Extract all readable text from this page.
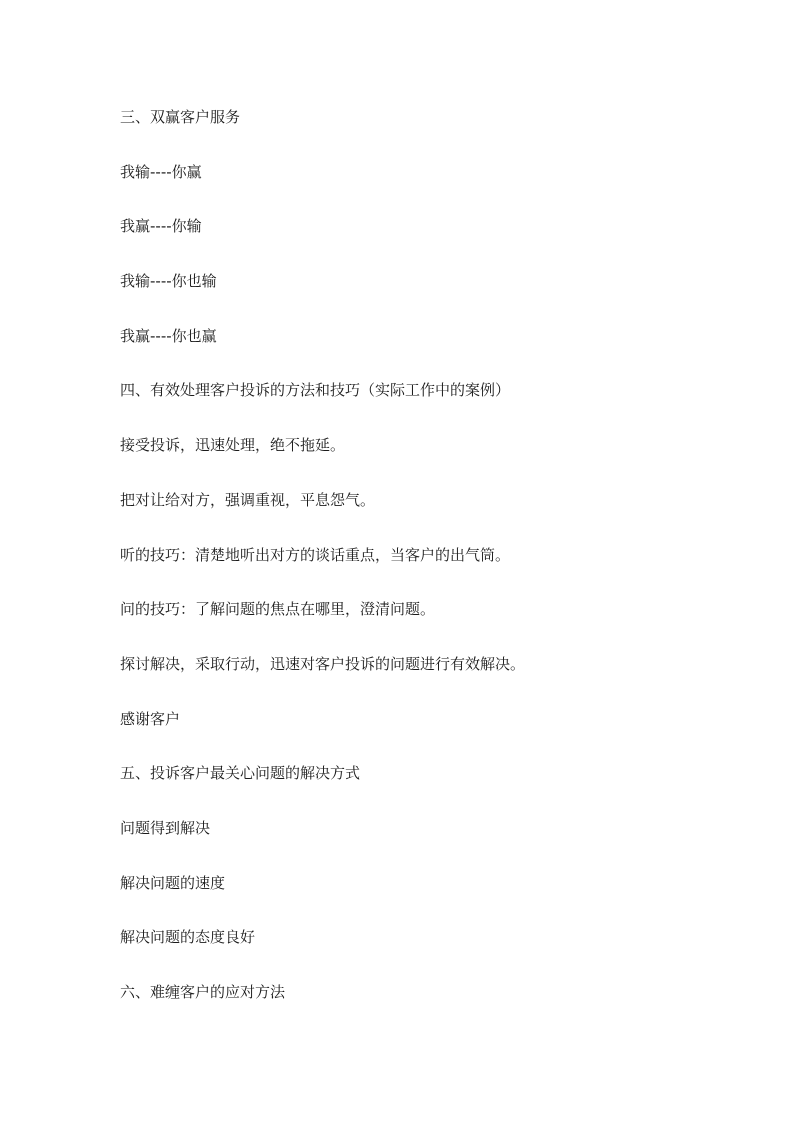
三、双赢客户服务

我输----你赢

我赢----你输

我输----你也输

我赢----你也赢

四、有效处理客户投诉的方法和技巧（实际工作中的案例）

接受投诉，迅速处理，绝不拖延。

把对让给对方，强调重视，平息怨气。

听的技巧：清楚地听出对方的谈话重点，当客户的出气筒。

问的技巧：了解问题的焦点在哪里，澄清问题。

探讨解决，采取行动，迅速对客户投诉的问题进行有效解决。

感谢客户

五、投诉客户最关心问题的解决方式

问题得到解决

解决问题的速度

解决问题的态度良好

六、难缠客户的应对方法
